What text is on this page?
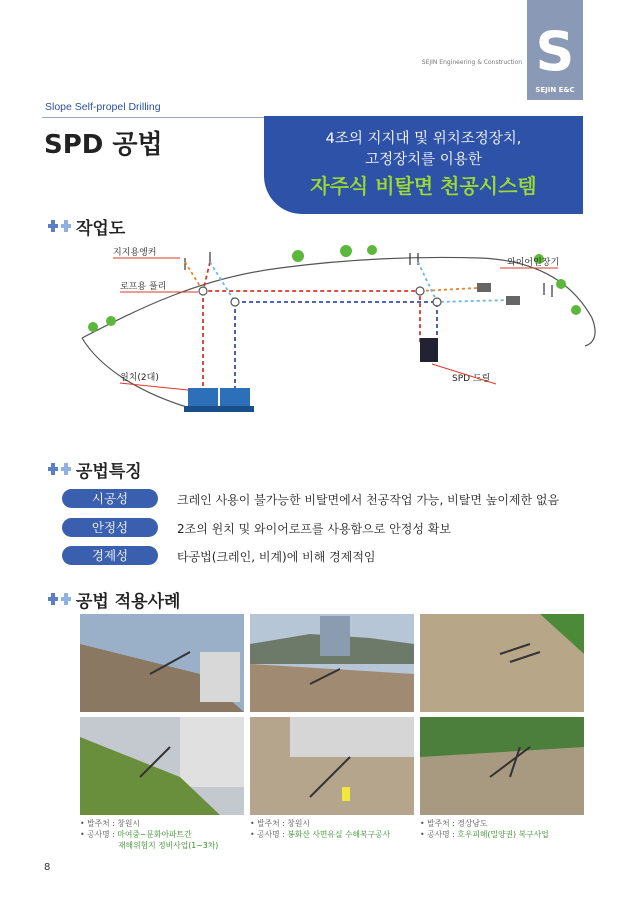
S
SEJIN E&C
SEJIN Engineering & Construction
Slope Self-propel Drilling
SPD 공법	4조의 지지대 및 위치조정장치,
고정장치를 이용한
자주식 비탈면 천공시스템
작업도
지지용앵커
로프용 풀리
윈치(2대)
와이어인장기
SPD 드릴
공법특징
시공성	크레인 사용이 불가능한 비탈면에서 천공작업 가능, 비탈면 높이제한 없음
안정성	2조의 윈치 및 와이어로프를 사용함으로 안정성 확보
경제성	타공법(크레인, 비계)에 비해 경제적임
공법 적용사례
• 발주처 : 창원시
• 공사명 : 마여중~문화아파트간
재해위험지 정비사업(1~3차)
• 발주처 : 창원시
• 공사명 : 봉화산 사면유실 수해복구공사
• 발주처 : 경상남도
• 공사명 : 호우피해(밀양권) 복구사업
8
